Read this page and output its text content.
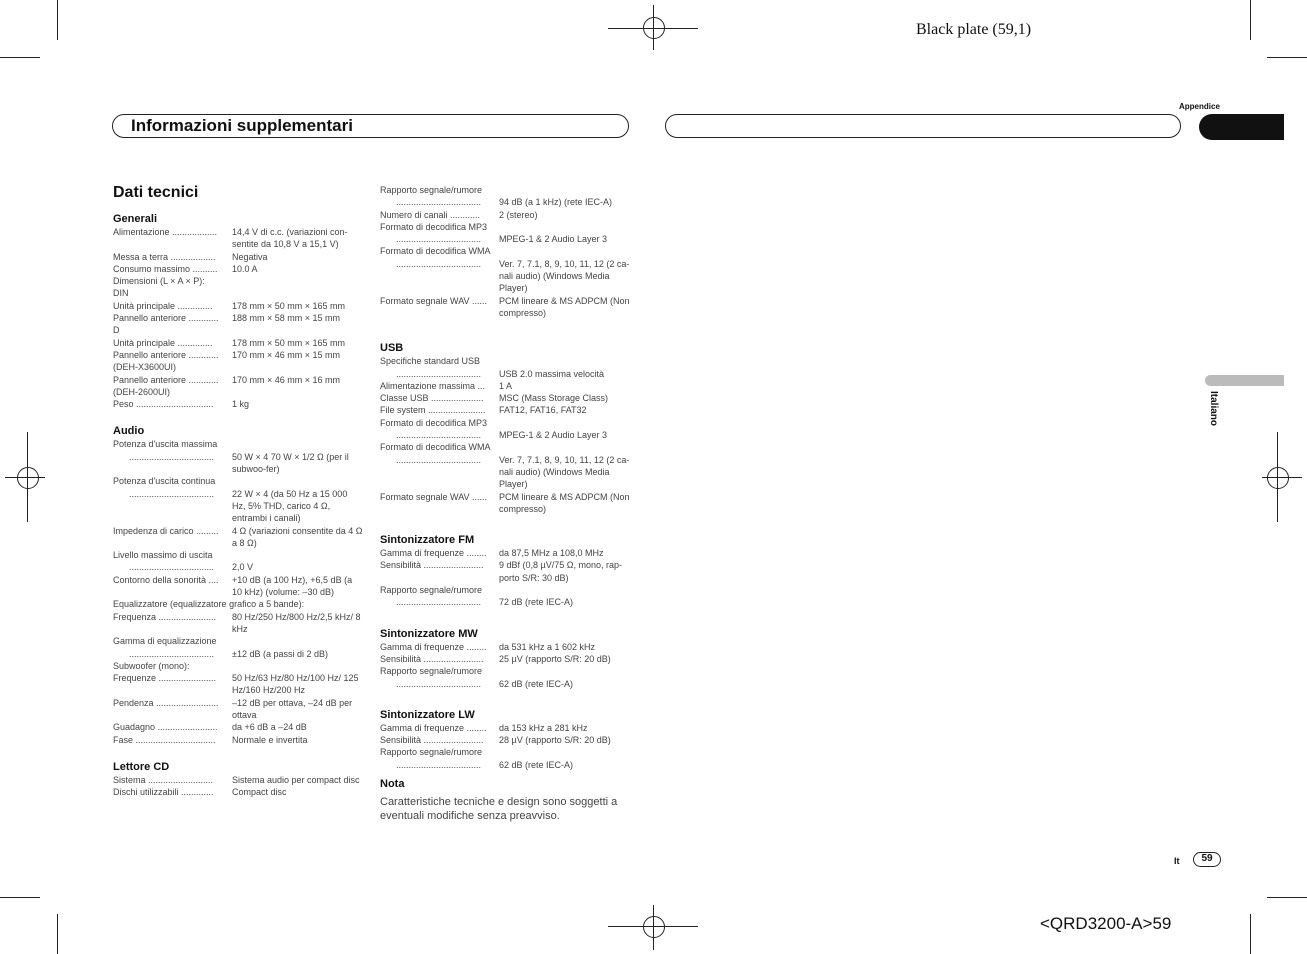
Black plate (59,1)
Informazioni supplementari
Appendice
Italiano
Dati tecnici
Generali
Alimentazione ..................	14,4 V di c.c. (variazioni con-sentite da 10,8 V a 15,1 V)
Messa a terra ..................	Negativa
Consumo massimo ..........	10.0 A
Dimensioni (L × A × P):
DIN
Unità principale ..............	178 mm × 50 mm × 165 mm
Pannello anteriore ............	188 mm × 58 mm × 15 mm
D
Unità principale ..............	178 mm × 50 mm × 165 mm
Pannello anteriore ............	170 mm × 46 mm × 15 mm
(DEH-X3600UI)
Pannello anteriore ............	170 mm × 46 mm × 16 mm
(DEH-2600UI)
Peso ...............................	1 kg
Audio
Potenza d'uscita massima
..................................	50 W × 4 70 W × 1/2 Ω (per il subwoo-fer)
Potenza d'uscita continua
..................................	22 W × 4 (da 50 Hz a 15 000 Hz, 5% THD, carico 4 Ω, entrambi i canali)
Impedenza di carico .........	4 Ω (variazioni consentite da 4 Ω a 8 Ω)
Livello massimo di uscita
..................................	2,0 V
Contorno della sonorità ....	+10 dB (a 100 Hz), +6,5 dB (a 10 kHz) (volume: –30 dB)
Equalizzatore (equalizzatore grafico a 5 bande):
Frequenza .......................	80 Hz/250 Hz/800 Hz/2,5 kHz/ 8 kHz
Gamma di equalizzazione
..................................	±12 dB (a passi di 2 dB)
Subwoofer (mono):
Frequenze .......................	50 Hz/63 Hz/80 Hz/100 Hz/ 125 Hz/160 Hz/200 Hz
Pendenza .........................	–12 dB per ottava, –24 dB per ottava
Guadagno ........................	da +6 dB a –24 dB
Fase ................................	Normale e invertita
Lettore CD
Sistema ..........................	Sistema audio per compact disc
Dischi utilizzabili .............	Compact disc
Rapporto segnale/rumore
..................................	94 dB (a 1 kHz) (rete IEC-A)
Numero di canali ............	2 (stereo)
Formato di decodifica MP3
..................................	MPEG-1 & 2 Audio Layer 3
Formato di decodifica WMA
..................................	Ver. 7, 7.1, 8, 9, 10, 11, 12 (2 ca-nali audio) (Windows Media Player)
Formato segnale WAV ......	PCM lineare & MS ADPCM (Non compresso)
USB
Specifiche standard USB
..................................	USB 2.0 massima velocità
Alimentazione massima ...	1 A
Classe USB .....................	MSC (Mass Storage Class)
File system .......................	FAT12, FAT16, FAT32
Formato di decodifica MP3
..................................	MPEG-1 & 2 Audio Layer 3
Formato di decodifica WMA
..................................	Ver. 7, 7.1, 8, 9, 10, 11, 12 (2 ca-nali audio) (Windows Media Player)
Formato segnale WAV ......	PCM lineare & MS ADPCM (Non compresso)
Sintonizzatore FM
Gamma di frequenze ........	da 87,5 MHz a 108,0 MHz
Sensibilità ........................	9 dBf (0,8 µV/75 Ω, mono, rap-porto S/R: 30 dB)
Rapporto segnale/rumore
..................................	72 dB (rete IEC-A)
Sintonizzatore MW
Gamma di frequenze ........	da 531 kHz a 1 602 kHz
Sensibilità ........................	25 µV (rapporto S/R: 20 dB)
Rapporto segnale/rumore
..................................	62 dB (rete IEC-A)
Sintonizzatore LW
Gamma di frequenze ........	da 153 kHz a 281 kHz
Sensibilità ........................	28 µV (rapporto S/R: 20 dB)
Rapporto segnale/rumore
..................................	62 dB (rete IEC-A)
Nota
Caratteristiche tecniche e design sono soggetti a eventuali modifiche senza preavviso.
It	59
<QRD3200-A>59
